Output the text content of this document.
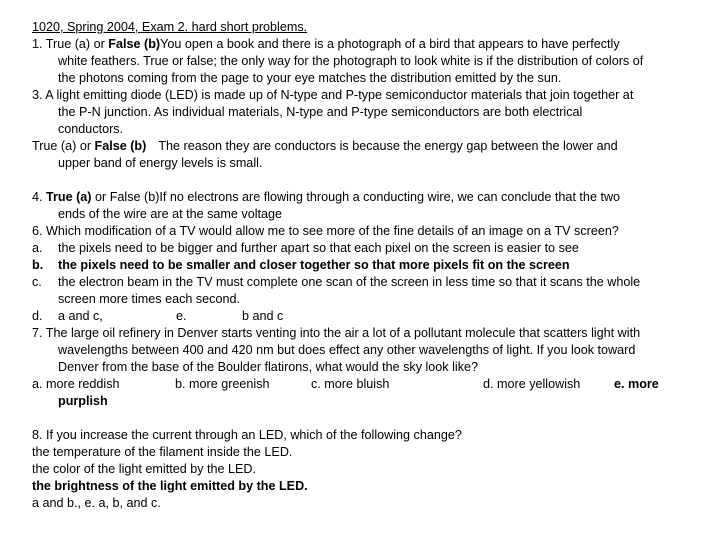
1020, Spring 2004, Exam 2. hard short problems.
1. True (a) or False (b)You open a book and there is a photograph of a bird that appears to have perfectly
white feathers. True or false; the only way for the photograph to look white is if the distribution of colors of
the photons coming from the page to your eye matches the distribution emitted by the sun.
3. A light emitting diode (LED) is made up of N-type and P-type semiconductor materials that join together at
the P-N junction. As individual materials, N-type and P-type semiconductors are both electrical
conductors.
True (a) or False (b) The reason they are conductors is because the energy gap between the lower and
upper band of energy levels is small.
4. True (a) or False (b)If no electrons are flowing through a conducting wire, we can conclude that the two
ends of the wire are at the same voltage
6. Which modification of a TV would allow me to see more of the fine details of an image on a TV screen?
a. the pixels need to be bigger and further apart so that each pixel on the screen is easier to see
b. the pixels need to be smaller and closer together so that more pixels fit on the screen
c. the electron beam in the TV must complete one scan of the screen in less time so that it scans the whole
screen more times each second.
d. a and c,	e.	b and c
7. The large oil refinery in Denver starts venting into the air a lot of a pollutant molecule that scatters light with
wavelengths between 400 and 420 nm but does effect any other wavelengths of light. If you look toward
Denver from the base of the Boulder flatirons, what would the sky look like?
a. more reddish	b. more greenish	c. more bluish	d. more yellowish	e. more
purplish
8. If you increase the current through an LED, which of the following change?
the temperature of the filament inside the LED.
the color of the light emitted by the LED.
the brightness of the light emitted by the LED.
a and b., e. a, b, and c.
